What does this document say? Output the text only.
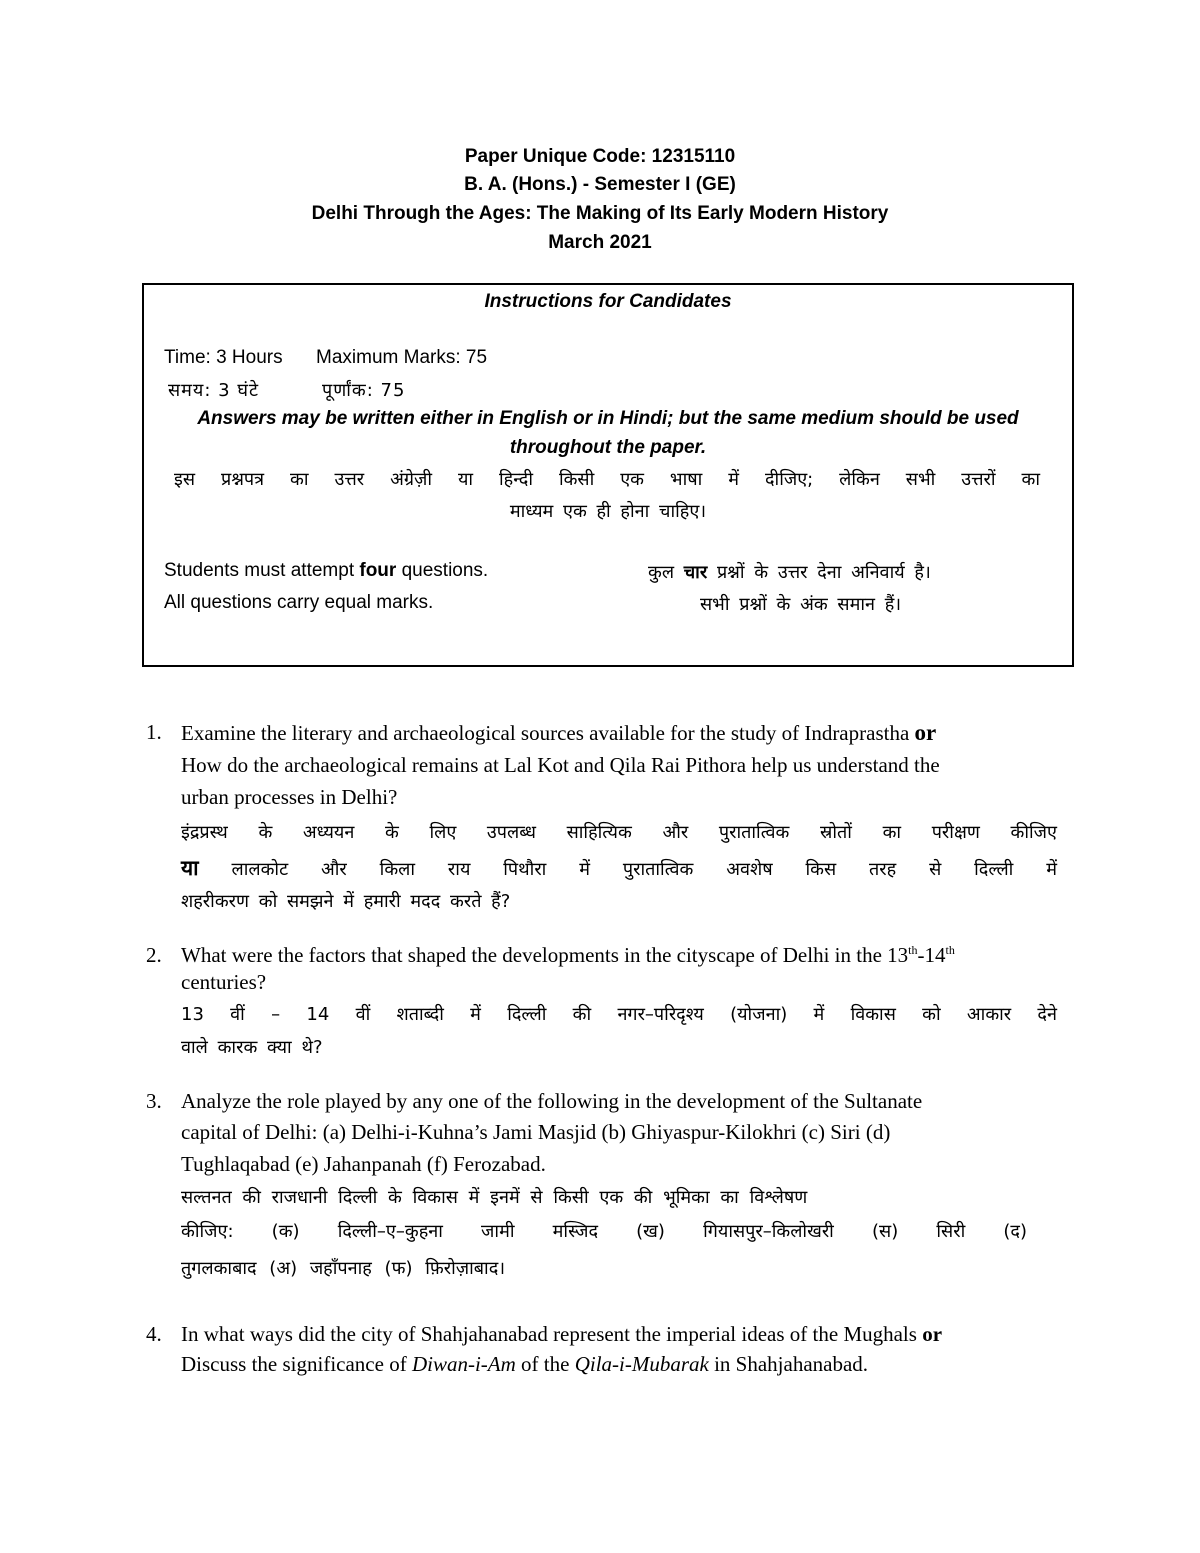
Paper Unique Code: 12315110
B. A. (Hons.) - Semester I (GE)
Delhi Through the Ages: The Making of Its Early Modern History
March 2021
Instructions for Candidates
Time: 3 Hours Maximum Marks: 75
समय: 3 घंटे	पूर्णांक: 75
Answers may be written either in English or in Hindi; but the same medium should be used
throughout the paper.
इस प्रश्नपत्र का उत्तर अंग्रेज़ी या हिन्दी किसी एक भाषा में दीजिए; लेकिन सभी उत्तरों का
माध्यम एक ही होना चाहिए।
Students must attempt four questions.	कुल चार प्रश्नों के उत्तर देना अनिवार्य है।
All questions carry equal marks.	सभी प्रश्नों के अंक समान हैं।
1. Examine the literary and archaeological sources available for the study of Indraprastha or
How do the archaeological remains at Lal Kot and Qila Rai Pithora help us understand the
urban processes in Delhi?
इंद्रप्रस्थ के अध्ययन के लिए उपलब्ध साहित्यिक और पुरातात्विक स्रोतों का परीक्षण कीजिए
या लालकोट और किला राय पिथौरा में पुरातात्विक अवशेष किस तरह से दिल्ली में
शहरीकरण को समझने में हमारी मदद करते हैं?
2. What were the factors that shaped the developments in the cityscape of Delhi in the 13th-14th
centuries?
13 वीं – 14 वीं शताब्दी में दिल्ली की नगर–परिदृश्य (योजना) में विकास को आकार देने
वाले कारक क्या थे?
3. Analyze the role played by any one of the following in the development of the Sultanate
capital of Delhi: (a) Delhi-i-Kuhna’s Jami Masjid (b) Ghiyaspur-Kilokhri (c) Siri (d)
Tughlaqabad (e) Jahanpanah (f) Ferozabad.
सल्तनत की राजधानी दिल्ली के विकास में इनमें से किसी एक की भूमिका का विश्लेषण
कीजिए: (क) दिल्ली–ए–कुहना जामी मस्जिद (ख) गियासपुर–किलोखरी (स) सिरी (द)
तुगलकाबाद (अ) जहाँपनाह (फ) फ़िरोज़ाबाद।
4. In what ways did the city of Shahjahanabad represent the imperial ideas of the Mughals or
Discuss the significance of Diwan-i-Am of the Qila-i-Mubarak in Shahjahanabad.
